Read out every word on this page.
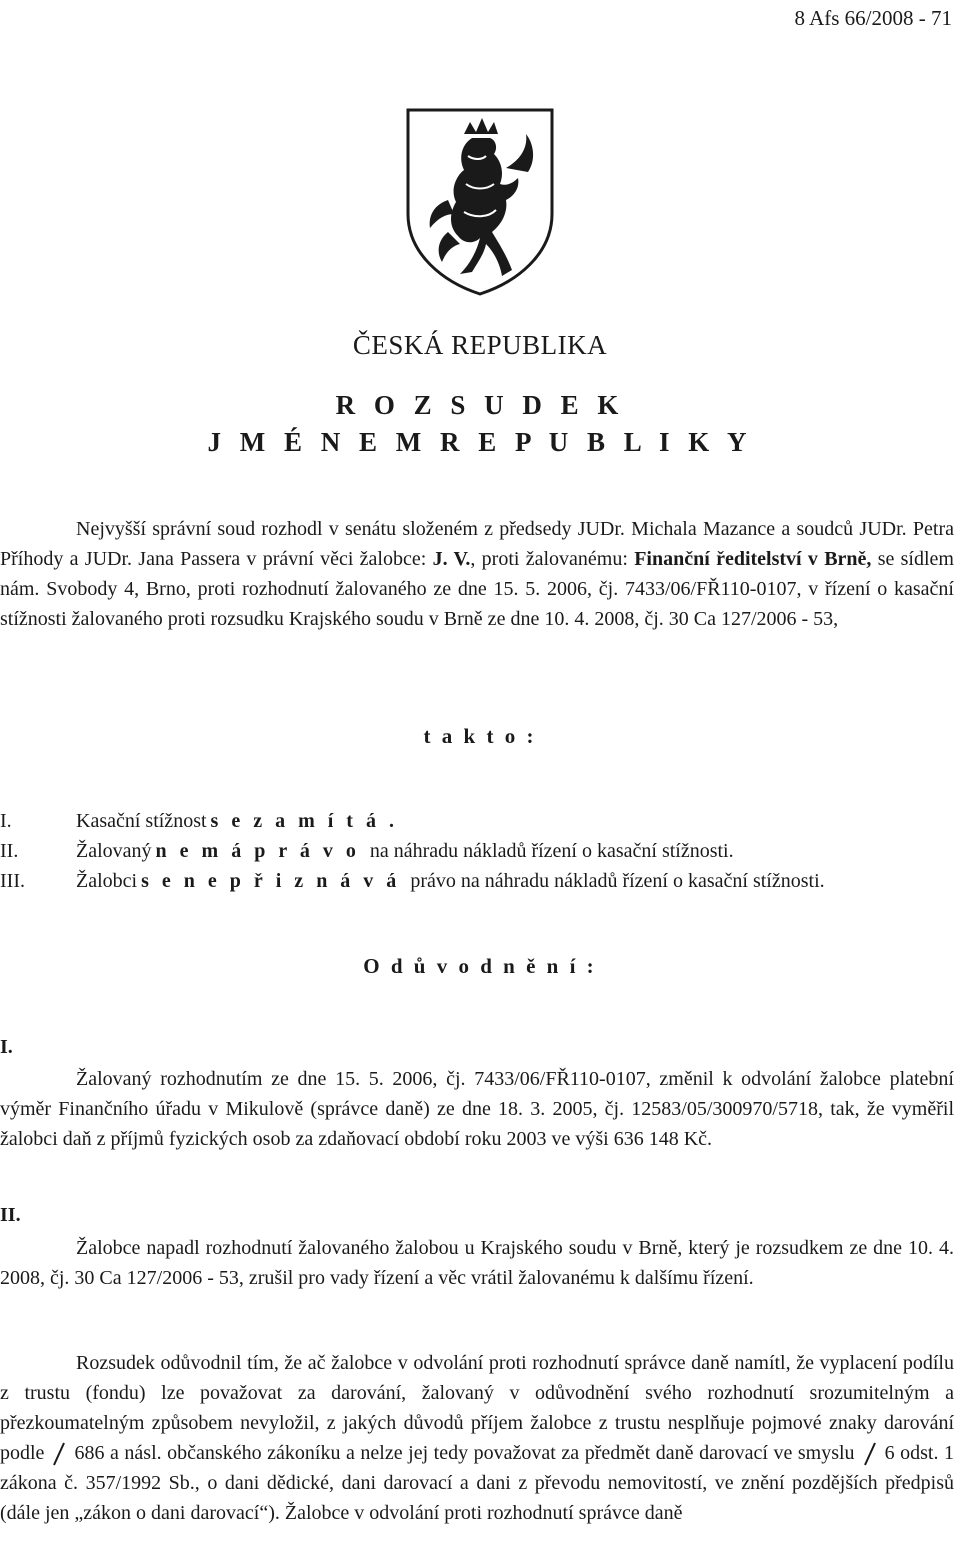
8 Afs 66/2008 - 71
ČESKÁ REPUBLIKA
R O Z S U D E K
J M É N E M R E P U B L I K Y

Nejvyšší správní soud rozhodl v senátu složeném z předsedy JUDr. Michala Mazance a soudců JUDr. Petra Příhody a JUDr. Jana Passera v právní věci žalobce: J. V., proti žalovanému: Finanční ředitelství v Brně, se sídlem nám. Svobody 4, Brno, proti rozhodnutí žalovaného ze dne 15. 5. 2006, čj. 7433/06/FŘ110-0107, v řízení o kasační stížnosti žalovaného proti rozsudku Krajského soudu v Brně ze dne 10. 4. 2008, čj. 30 Ca 127/2006 - 53,

t a k t o :
I.	Kasační stížnost s e z a m í t á .
II.	Žalovaný n e m á p r á v o na náhradu nákladů řízení o kasační stížnosti.
III.	Žalobci s e n e p ř i z n á v á právo na náhradu nákladů řízení o kasační stížnosti.
O d ů v o d n ě n í :
I.

Žalovaný rozhodnutím ze dne 15. 5. 2006, čj. 7433/06/FŘ110-0107, změnil k odvolání žalobce platební výměr Finančního úřadu v Mikulově (správce daně) ze dne 18. 3. 2005, čj. 12583/05/300970/5718, tak, že vyměřil žalobci daň z příjmů fyzických osob za zdaňovací období roku 2003 ve výši 636 148 Kč.

II.

Žalobce napadl rozhodnutí žalovaného žalobou u Krajského soudu v Brně, který je rozsudkem ze dne 10. 4. 2008, čj. 30 Ca 127/2006 - 53, zrušil pro vady řízení a věc vrátil žalovanému k dalšímu řízení.

Rozsudek odůvodnil tím, že ač žalobce v odvolání proti rozhodnutí správce daně namítl, že vyplacení podílu z trustu (fondu) lze považovat za darování, žalovaný v odůvodnění svého rozhodnutí srozumitelným a přezkoumatelným způsobem nevyložil, z jakých důvodů příjem žalobce z trustu nesplňuje pojmové znaky darování podle 686 a násl. občanského zákoníku a nelze jej tedy považovat za předmět daně darovací ve smyslu 6 odst. 1 zákona č. 357/1992 Sb., o dani dědické, dani darovací a dani z převodu nemovitostí, ve znění pozdějších předpisů (dále jen „zákon o dani darovací“). Žalobce v odvolání proti rozhodnutí správce daně
